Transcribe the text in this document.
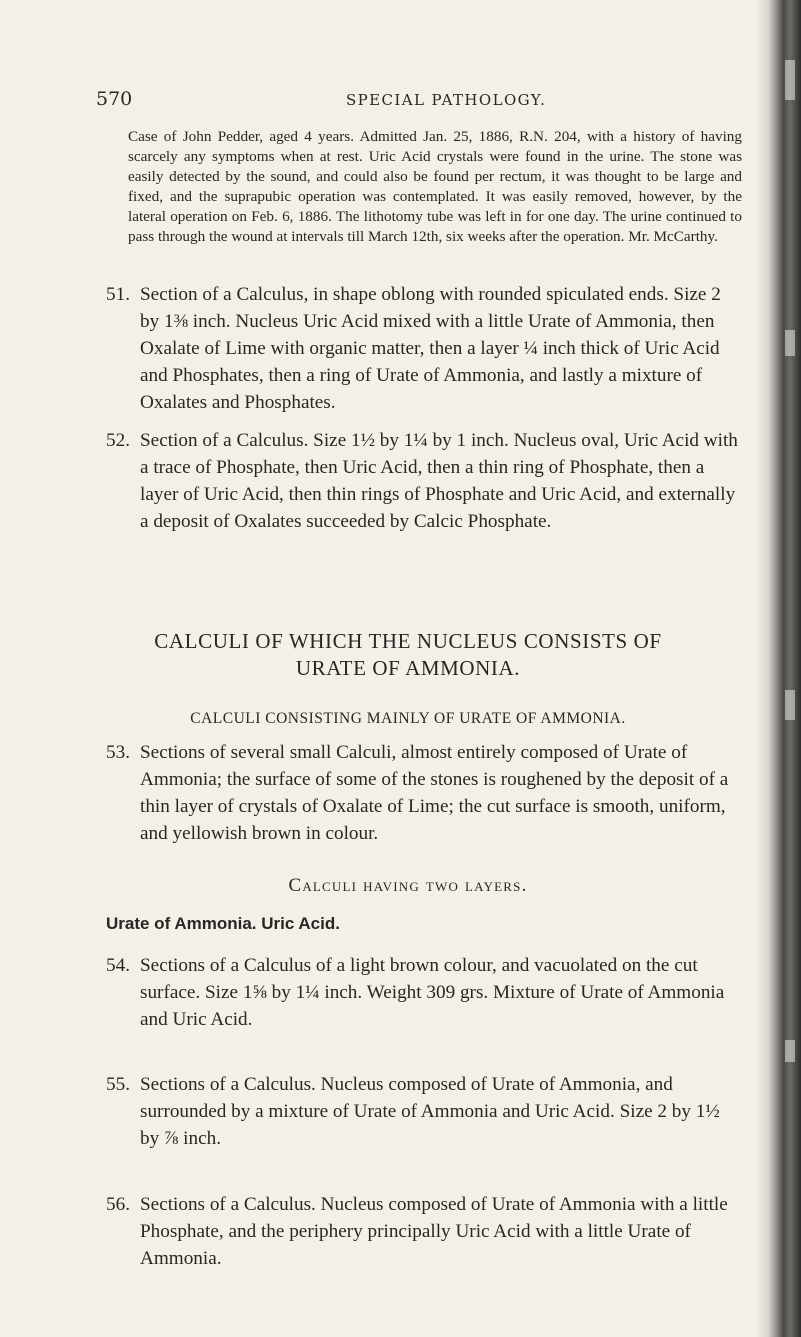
570	SPECIAL PATHOLOGY.

Case of John Pedder, aged 4 years. Admitted Jan. 25, 1886, R.N. 204, with a history of having scarcely any symptoms when at rest. Uric Acid crystals were found in the urine. The stone was easily detected by the sound, and could also be found per rectum, it was thought to be large and fixed, and the suprapubic operation was contemplated. It was easily removed, however, by the lateral operation on Feb. 6, 1886. The lithotomy tube was left in for one day. The urine continued to pass through the wound at intervals till March 12th, six weeks after the operation. Mr. McCarthy.

51. Section of a Calculus, in shape oblong with rounded spiculated ends. Size 2 by 1⅜ inch. Nucleus Uric Acid mixed with a little Urate of Ammonia, then Oxalate of Lime with organic matter, then a layer ¼ inch thick of Uric Acid and Phosphates, then a ring of Urate of Ammonia, and lastly a mixture of Oxalates and Phosphates.
52. Section of a Calculus. Size 1½ by 1¼ by 1 inch. Nucleus oval, Uric Acid with a trace of Phosphate, then Uric Acid, then a thin ring of Phosphate, then a layer of Uric Acid, then thin rings of Phosphate and Uric Acid, and externally a deposit of Oxalates succeeded by Calcic Phosphate.
CALCULI OF WHICH THE NUCLEUS CONSISTS OF
URATE OF AMMONIA.
CALCULI CONSISTING MAINLY OF URATE OF AMMONIA.
53. Sections of several small Calculi, almost entirely composed of Urate of Ammonia; the surface of some of the stones is roughened by the deposit of a thin layer of crystals of Oxalate of Lime; the cut surface is smooth, uniform, and yellowish brown in colour.
Calculi having two layers.
Urate of Ammonia. Uric Acid.
54. Sections of a Calculus of a light brown colour, and vacuolated on the cut surface. Size 1⅝ by 1¼ inch. Weight 309 grs. Mixture of Urate of Ammonia and Uric Acid.
55. Sections of a Calculus. Nucleus composed of Urate of Ammonia, and surrounded by a mixture of Urate of Ammonia and Uric Acid. Size 2 by 1½ by ⅞ inch.
56. Sections of a Calculus. Nucleus composed of Urate of Ammonia with a little Phosphate, and the periphery principally Uric Acid with a little Urate of Ammonia.
